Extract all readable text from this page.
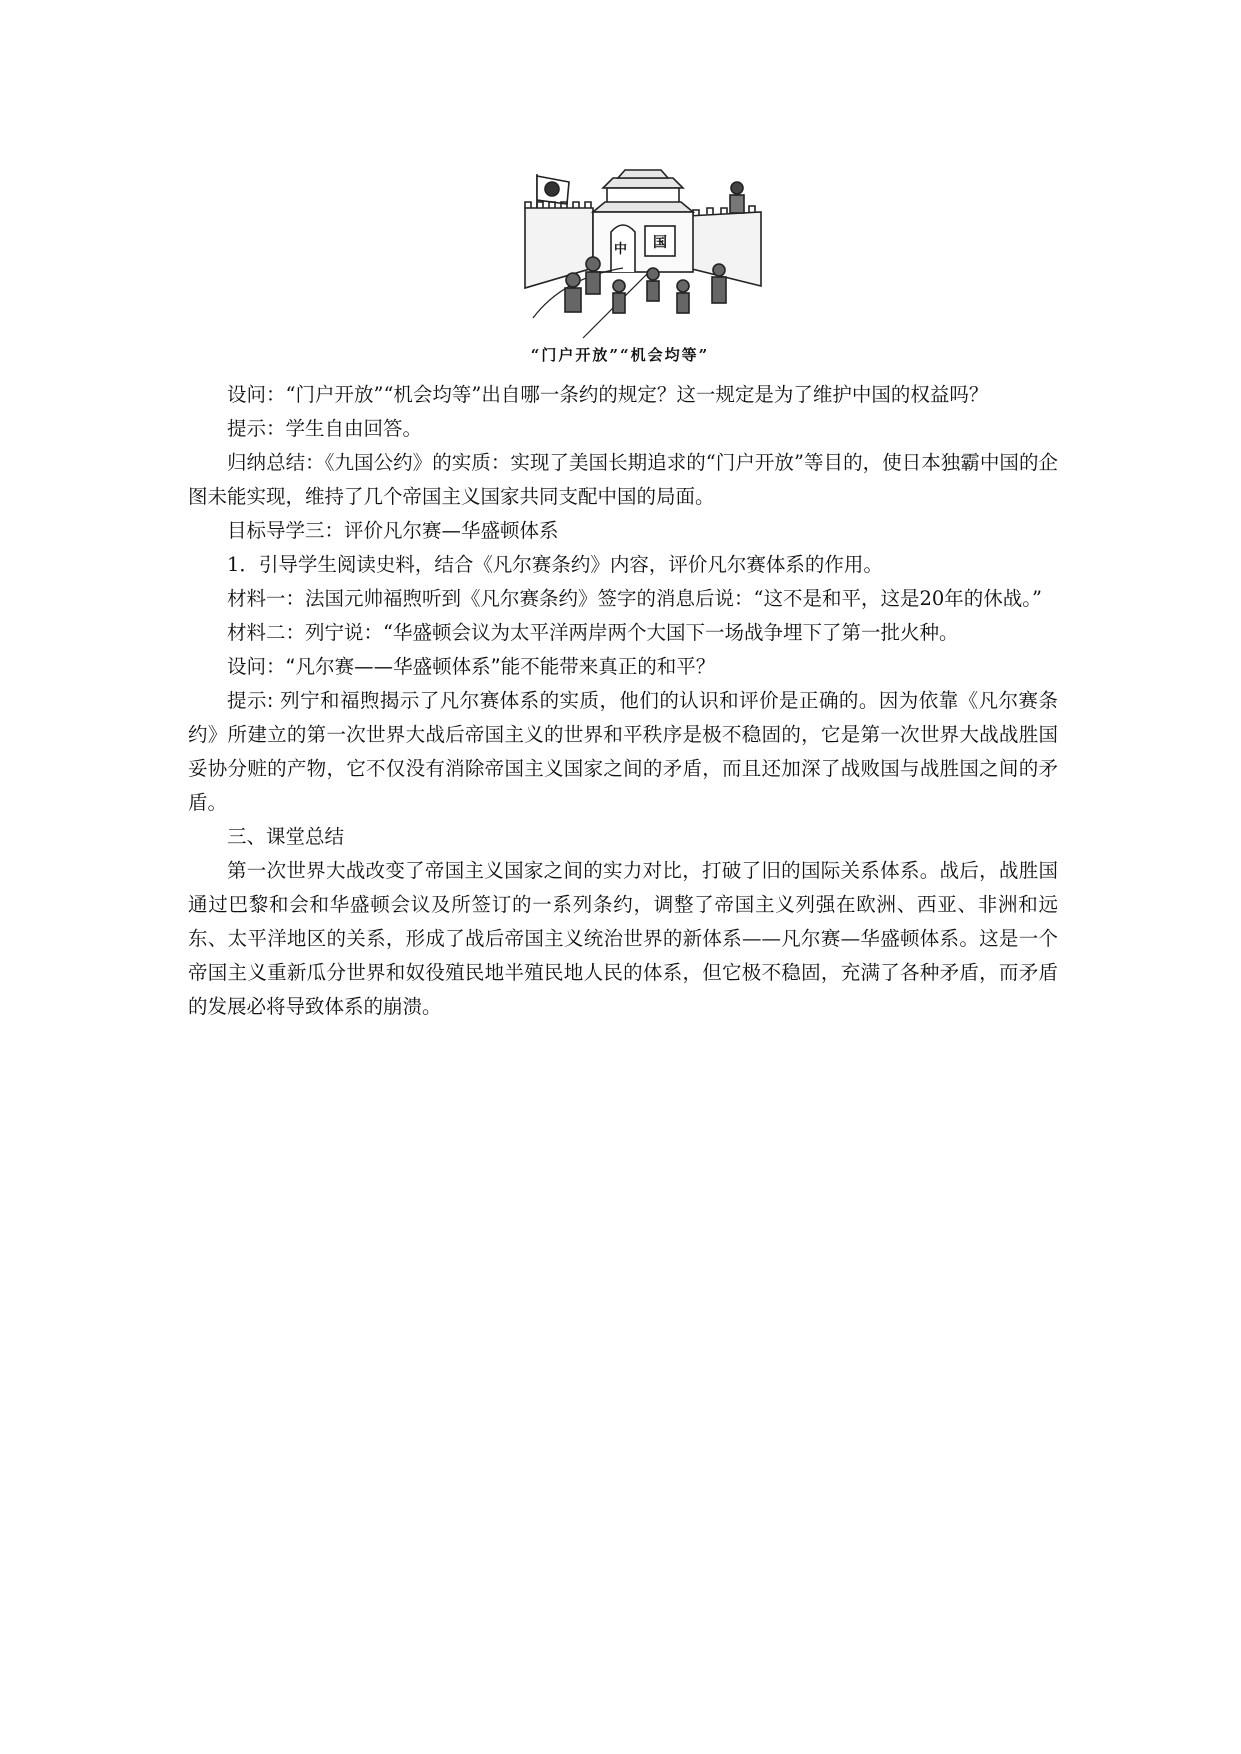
中 国
“门户开放”“机会均等”

设问：“门户开放”“机会均等”出自哪一条约的规定？这一规定是为了维护中国的权益吗？

提示：学生自由回答。

归纳总结：《九国公约》的实质：实现了美国长期追求的“门户开放”等目的，使日本独霸中国的企图未能实现，维持了几个帝国主义国家共同支配中国的局面。

目标导学三：评价凡尔赛—华盛顿体系

1．引导学生阅读史料，结合《凡尔赛条约》内容，评价凡尔赛体系的作用。

材料一：法国元帅福煦听到《凡尔赛条约》签字的消息后说：“这不是和平，这是20年的休战。”

材料二：列宁说：“华盛顿会议为太平洋两岸两个大国下一场战争埋下了第一批火种。

设问：“凡尔赛——华盛顿体系”能不能带来真正的和平？

提示: 列宁和福煦揭示了凡尔赛体系的实质，他们的认识和评价是正确的。因为依靠《凡尔赛条约》所建立的第一次世界大战后帝国主义的世界和平秩序是极不稳固的，它是第一次世界大战战胜国妥协分赃的产物，它不仅没有消除帝国主义国家之间的矛盾，而且还加深了战败国与战胜国之间的矛盾。

三、课堂总结

第一次世界大战改变了帝国主义国家之间的实力对比，打破了旧的国际关系体系。战后，战胜国通过巴黎和会和华盛顿会议及所签订的一系列条约，调整了帝国主义列强在欧洲、西亚、非洲和远东、太平洋地区的关系，形成了战后帝国主义统治世界的新体系——凡尔赛—华盛顿体系。这是一个帝国主义重新瓜分世界和奴役殖民地半殖民地人民的体系，但它极不稳固，充满了各种矛盾，而矛盾的发展必将导致体系的崩溃。
